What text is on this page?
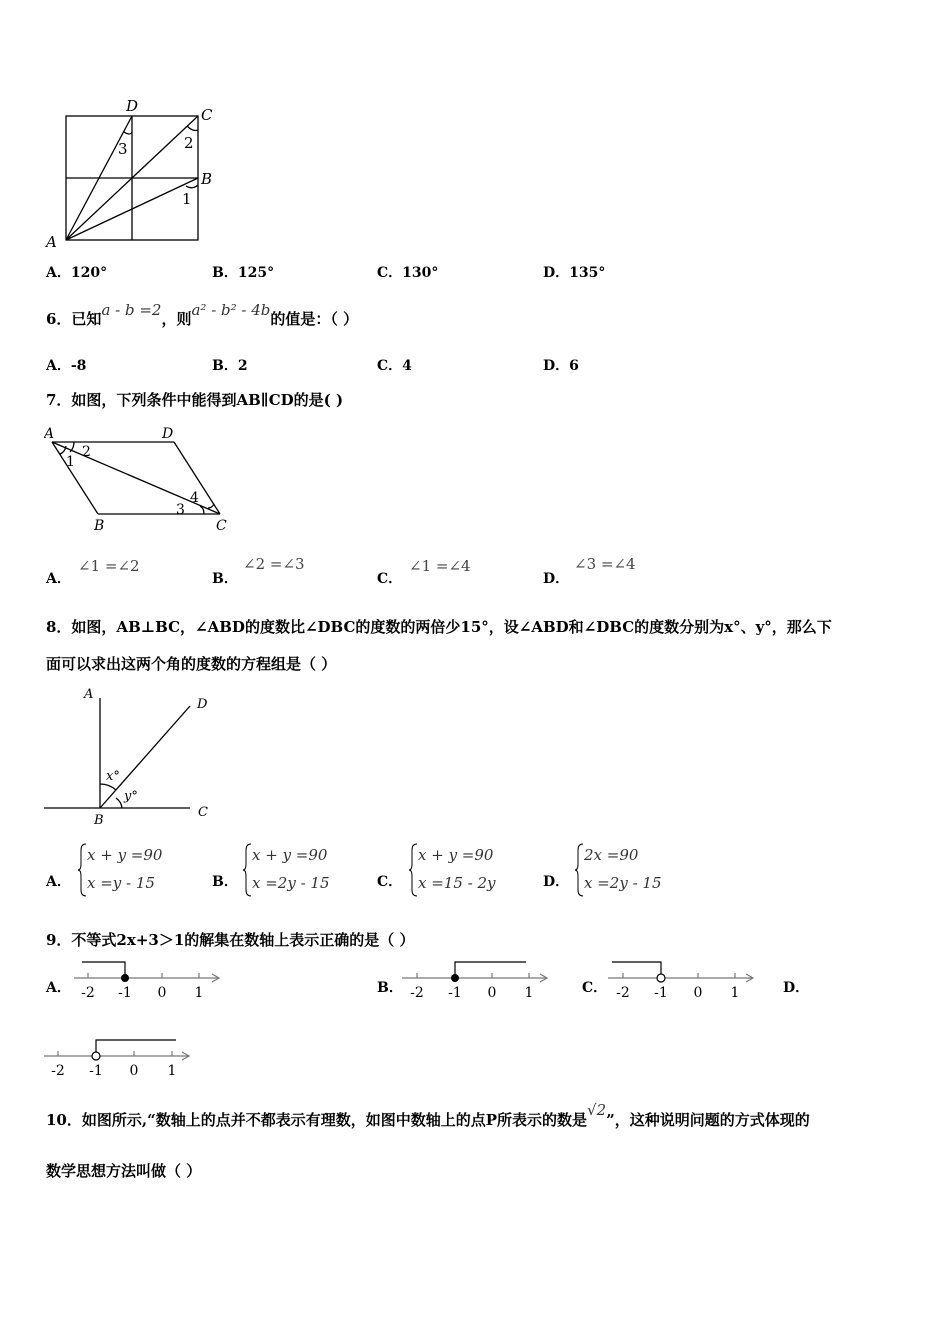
D	C
B
A
3	2
1
A．120°	B．125°	C．130°	D．135°
6．已知a - b =2，则a² - b² - 4b的值是：（ ）
A．-8	B．2	C．4	D．6
7．如图，下列条件中能得到AB∥CD的是( )
A	D
B	C
1
2
3
4
A．
∠1 =∠2
B．
∠2 =∠3
C．
∠1 =∠4
D．
∠3 =∠4
8．如图，AB⊥BC，∠ABD的度数比∠DBC的度数的两倍少15°，设∠ABD和∠DBC的度数分别为x°、y°，那么下
面可以求出这两个角的度数的方程组是（ ）
A
D
B
C
x°
y°
A．
x + y =90
x =y - 15	B．
x + y =90
x =2y - 15	C．
x + y =90
x =15 - 2y	D．
2x =90
x =2y - 15
9．不等式2x+3＞1的解集在数轴上表示正确的是（ ）
A． -2 -1 0 1	B． -2 -1 0 1	C． -2 -1 0 1	D．
-2 -1 0 1
10．如图所示,“数轴上的点并不都表示有理数，如图中数轴上的点P所表示的数是√2”，这种说明问题的方式体现的
数学思想方法叫做（ ）
